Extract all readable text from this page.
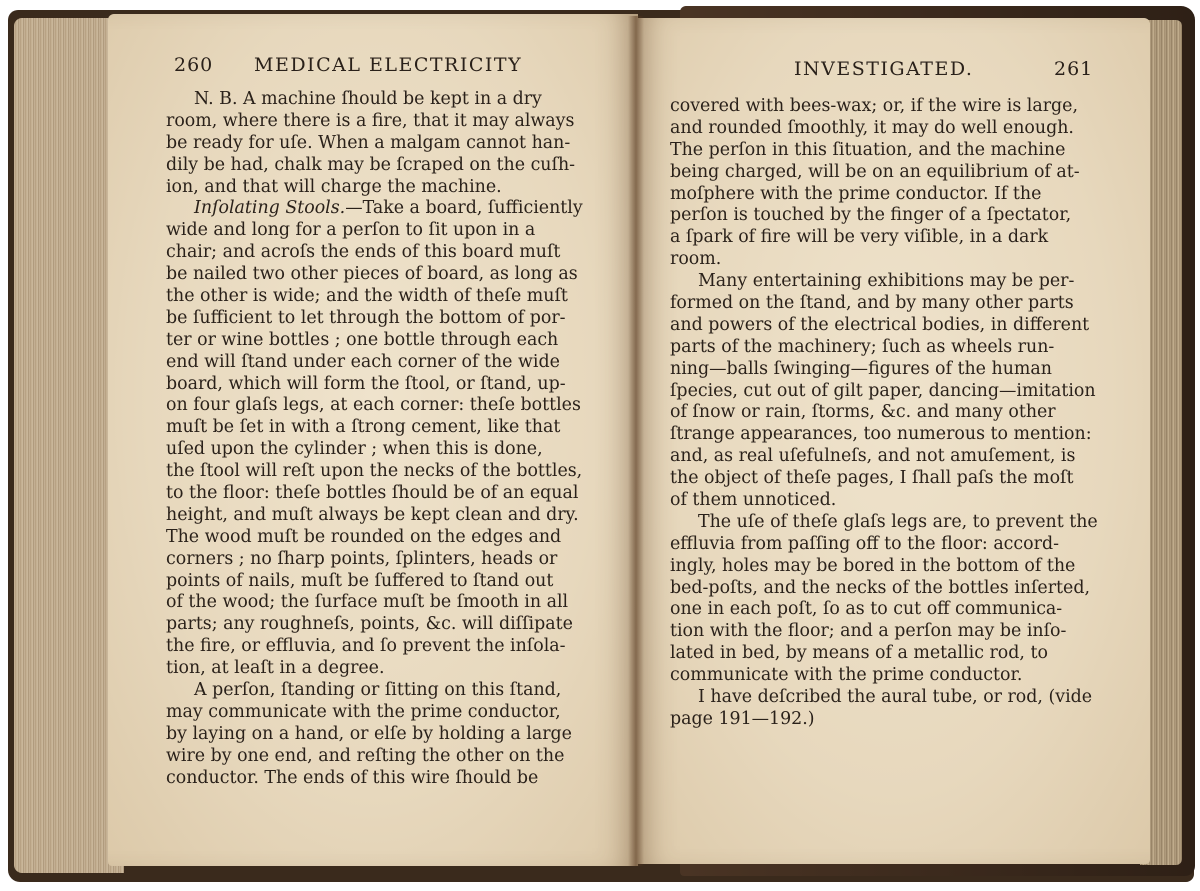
260 MEDICAL ELECTRICITY
N. B. A machine ſhould be kept in a dry
room, where there is a fire, that it may always
be ready for uſe. When a malgam cannot han-
dily be had, chalk may be ſcraped on the cuſh-
ion, and that will charge the machine.
Inſolating Stools.—Take a board, ſufficiently
wide and long for a perſon to ſit upon in a
chair; and acroſs the ends of this board muſt
be nailed two other pieces of board, as long as
the other is wide; and the width of theſe muſt
be ſufficient to let through the bottom of por-
ter or wine bottles ; one bottle through each
end will ſtand under each corner of the wide
board, which will form the ſtool, or ſtand, up-
on four glaſs legs, at each corner: theſe bottles
muſt be ſet in with a ſtrong cement, like that
uſed upon the cylinder ; when this is done,
the ſtool will reſt upon the necks of the bottles,
to the floor: theſe bottles ſhould be of an equal
height, and muſt always be kept clean and dry.
The wood muſt be rounded on the edges and
corners ; no ſharp points, ſplinters, heads or
points of nails, muſt be ſuffered to ſtand out
of the wood; the ſurface muſt be ſmooth in all
parts; any roughneſs, points, &c. will diſſipate
the fire, or effluvia, and ſo prevent the inſola-
tion, at leaſt in a degree.
A perſon, ſtanding or ſitting on this ſtand,
may communicate with the prime conductor,
by laying on a hand, or elſe by holding a large
wire by one end, and reſting the other on the
conductor. The ends of this wire ſhould be
INVESTIGATED.	261
covered with bees-wax; or, if the wire is large,
and rounded ſmoothly, it may do well enough.
The perſon in this ſituation, and the machine
being charged, will be on an equilibrium of at-
moſphere with the prime conductor. If the
perſon is touched by the finger of a ſpectator,
a ſpark of fire will be very viſible, in a dark
room.
Many entertaining exhibitions may be per-
formed on the ſtand, and by many other parts
and powers of the electrical bodies, in different
parts of the machinery; ſuch as wheels run-
ning—balls ſwinging—figures of the human
ſpecies, cut out of gilt paper, dancing—imitation
of ſnow or rain, ſtorms, &c. and many other
ſtrange appearances, too numerous to mention:
and, as real uſefulneſs, and not amuſement, is
the object of theſe pages, I ſhall paſs the moſt
of them unnoticed.
The uſe of theſe glaſs legs are, to prevent the
effluvia from paſſing off to the floor: accord-
ingly, holes may be bored in the bottom of the
bed-poſts, and the necks of the bottles inſerted,
one in each poſt, ſo as to cut off communica-
tion with the floor; and a perſon may be inſo-
lated in bed, by means of a metallic rod, to
communicate with the prime conductor.
I have deſcribed the aural tube, or rod, (vide
page 191—192.)
